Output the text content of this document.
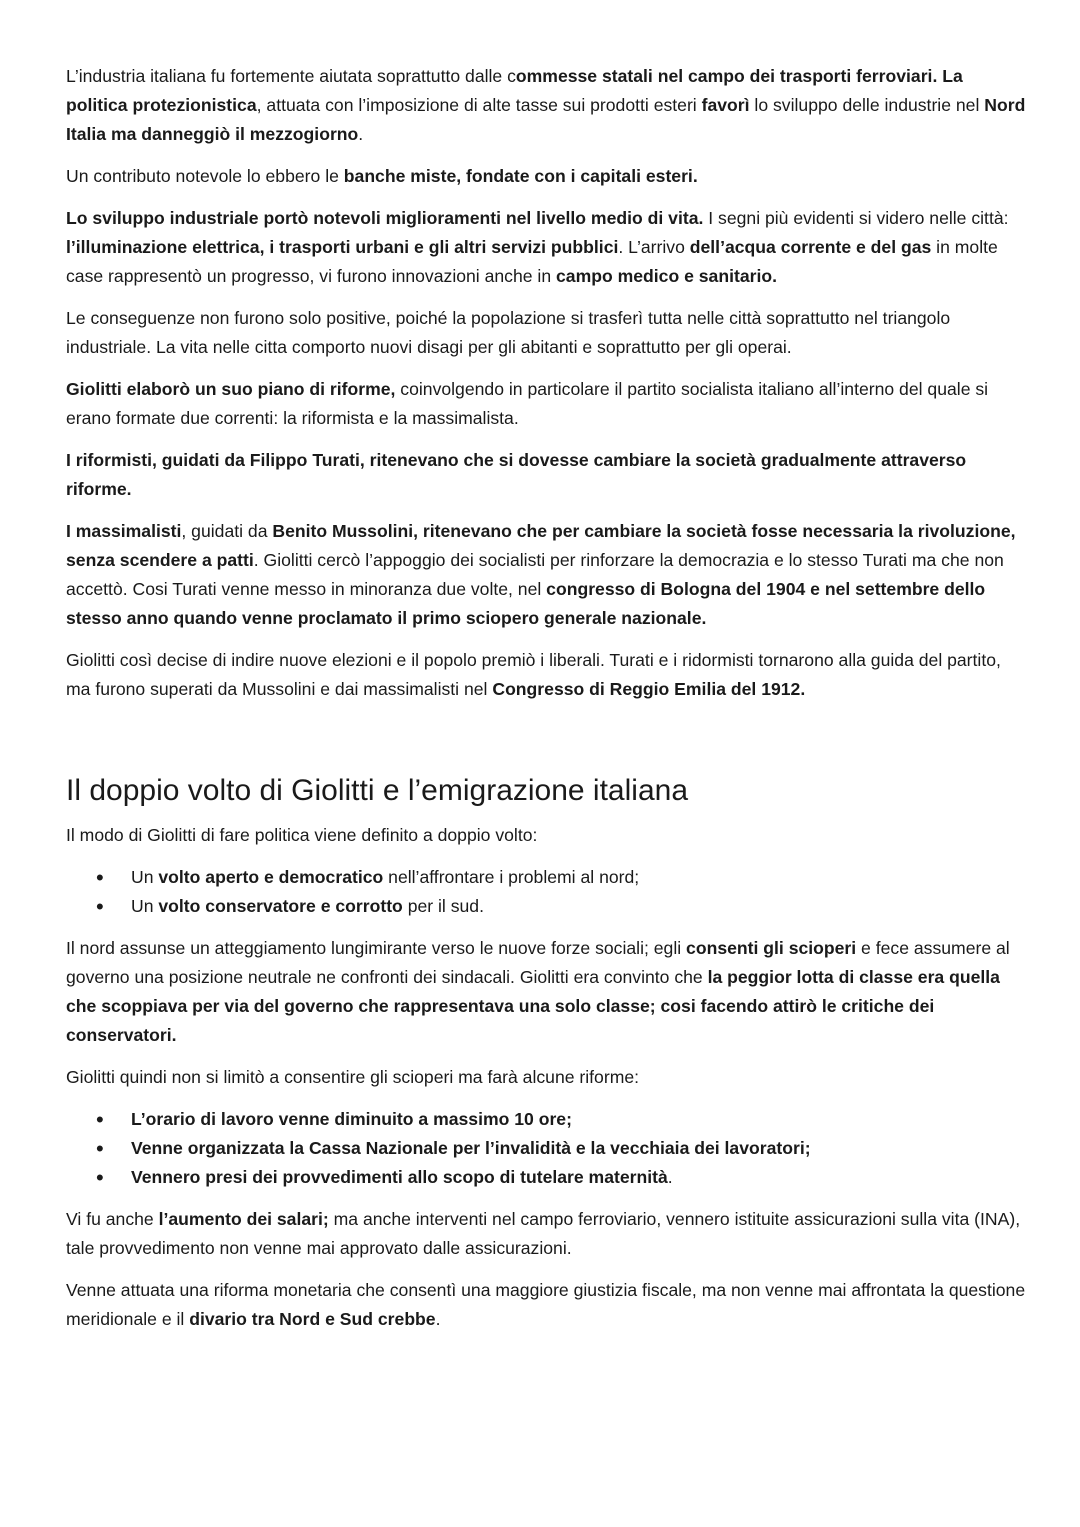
L’industria italiana fu fortemente aiutata soprattutto dalle commesse statali nel campo dei trasporti ferroviari. La politica protezionistica, attuata con l’imposizione di alte tasse sui prodotti esteri favorì lo sviluppo delle industrie nel Nord Italia ma danneggiò il mezzogiorno.

Un contributo notevole lo ebbero le banche miste, fondate con i capitali esteri.

Lo sviluppo industriale portò notevoli miglioramenti nel livello medio di vita. I segni più evidenti si videro nelle città: l’illuminazione elettrica, i trasporti urbani e gli altri servizi pubblici. L’arrivo dell’acqua corrente e del gas in molte case rappresentò un progresso, vi furono innovazioni anche in campo medico e sanitario.

Le conseguenze non furono solo positive, poiché la popolazione si trasferì tutta nelle città soprattutto nel triangolo industriale. La vita nelle citta comporto nuovi disagi per gli abitanti e soprattutto per gli operai.

Giolitti elaborò un suo piano di riforme, coinvolgendo in particolare il partito socialista italiano all’interno del quale si erano formate due correnti: la riformista e la massimalista.

I riformisti, guidati da Filippo Turati, ritenevano che si dovesse cambiare la società gradualmente attraverso riforme.

I massimalisti, guidati da Benito Mussolini, ritenevano che per cambiare la società fosse necessaria la rivoluzione, senza scendere a patti. Giolitti cercò l’appoggio dei socialisti per rinforzare la democrazia e lo stesso Turati ma che non accettò. Cosi Turati venne messo in minoranza due volte, nel congresso di Bologna del 1904 e nel settembre dello stesso anno quando venne proclamato il primo sciopero generale nazionale.

Giolitti così decise di indire nuove elezioni e il popolo premiò i liberali. Turati e i ridormisti tornarono alla guida del partito, ma furono superati da Mussolini e dai massimalisti nel Congresso di Reggio Emilia del 1912.

Il doppio volto di Giolitti e l’emigrazione italiana

Il modo di Giolitti di fare politica viene definito a doppio volto:

• Un volto aperto e democratico nell’affrontare i problemi al nord;
• Un volto conservatore e corrotto per il sud.

Il nord assunse un atteggiamento lungimirante verso le nuove forze sociali; egli consenti gli scioperi e fece assumere al governo una posizione neutrale ne confronti dei sindacali. Giolitti era convinto che la peggior lotta di classe era quella che scoppiava per via del governo che rappresentava una solo classe; cosi facendo attirò le critiche dei conservatori.

Giolitti quindi non si limitò a consentire gli scioperi ma farà alcune riforme:

• L’orario di lavoro venne diminuito a massimo 10 ore;
• Venne organizzata la Cassa Nazionale per l’invalidità e la vecchiaia dei lavoratori;
• Vennero presi dei provvedimenti allo scopo di tutelare maternità.

Vi fu anche l’aumento dei salari; ma anche interventi nel campo ferroviario, vennero istituite assicurazioni sulla vita (INA), tale provvedimento non venne mai approvato dalle assicurazioni.

Venne attuata una riforma monetaria che consentì una maggiore giustizia fiscale, ma non venne mai affrontata la questione meridionale e il divario tra Nord e Sud crebbe.
